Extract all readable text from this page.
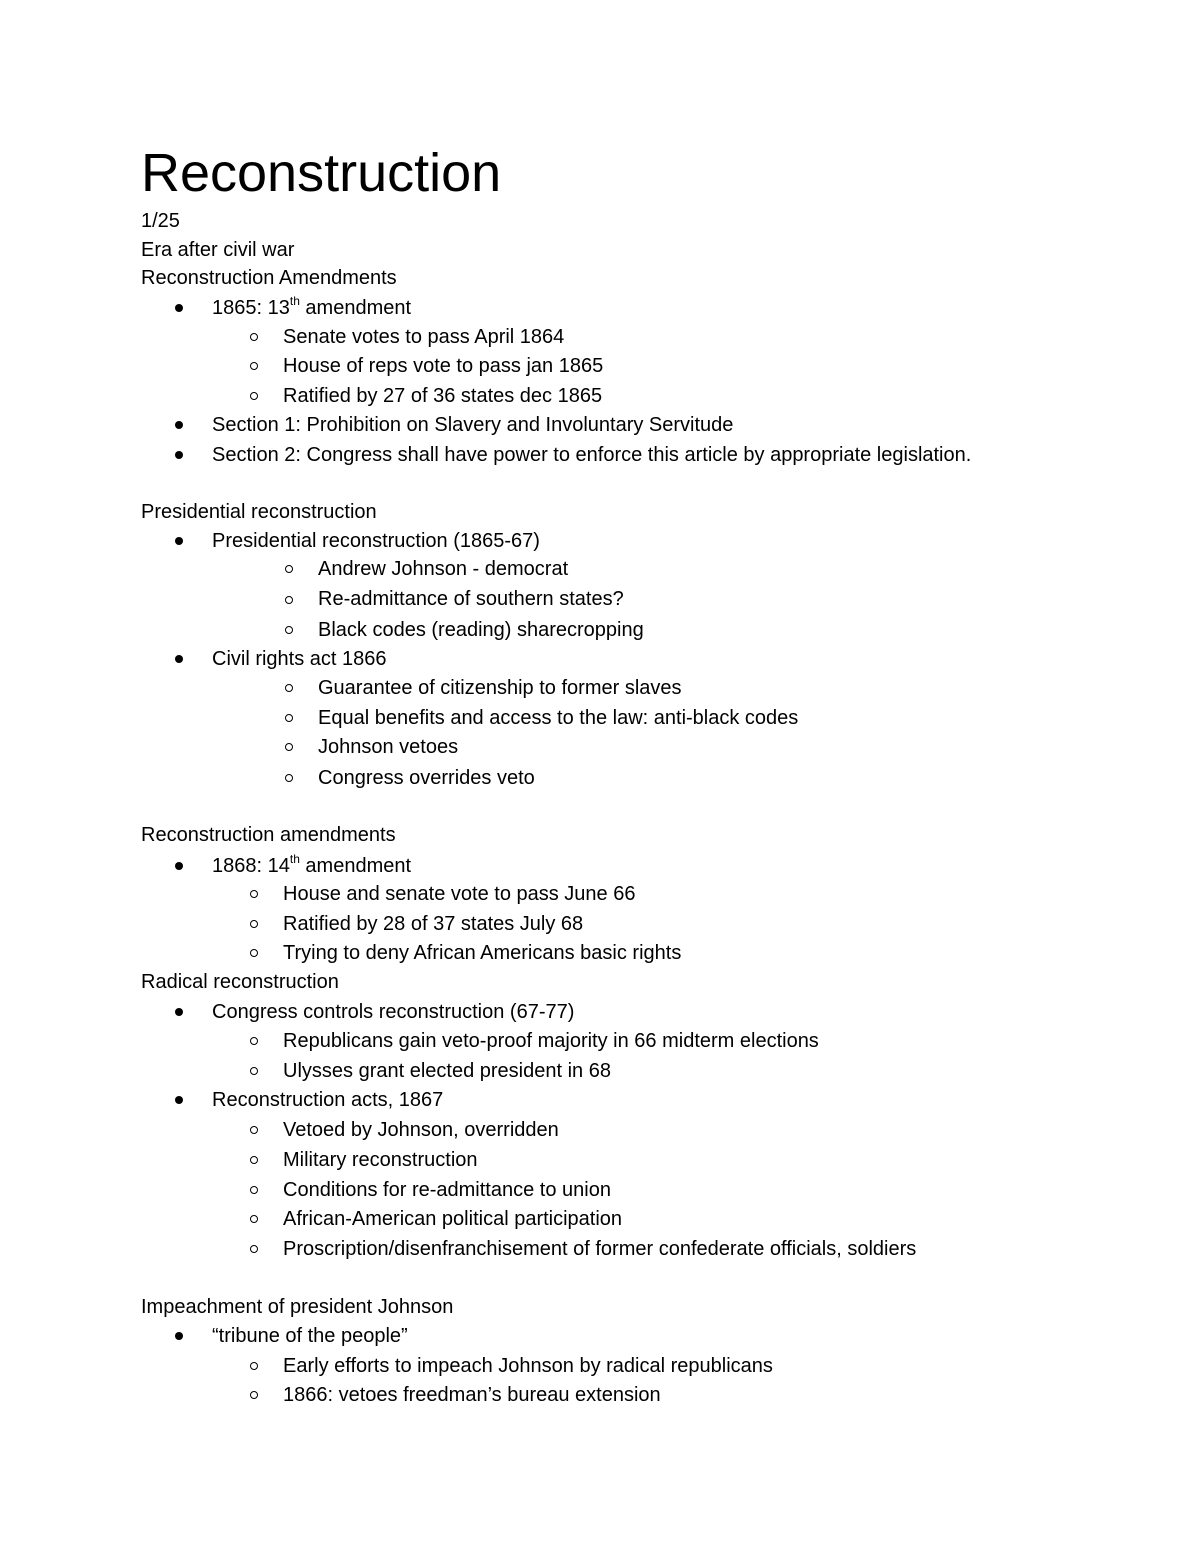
Reconstruction
1/25
Era after civil war
Reconstruction Amendments
1865: 13th amendment
Senate votes to pass April 1864
House of reps vote to pass jan 1865
Ratified by 27 of 36 states dec 1865
Section 1: Prohibition on Slavery and Involuntary Servitude
Section 2: Congress shall have power to enforce this article by appropriate legislation.
Presidential reconstruction
Presidential reconstruction (1865-67)
Andrew Johnson - democrat
Re-admittance of southern states?
Black codes (reading) sharecropping
Civil rights act 1866
Guarantee of citizenship to former slaves
Equal benefits and access to the law: anti-black codes
Johnson vetoes
Congress overrides veto
Reconstruction amendments
1868: 14th amendment
House and senate vote to pass June 66
Ratified by 28 of 37 states July 68
Trying to deny African Americans basic rights
Radical reconstruction
Congress controls reconstruction (67-77)
Republicans gain veto-proof majority in 66 midterm elections
Ulysses grant elected president in 68
Reconstruction acts, 1867
Vetoed by Johnson, overridden
Military reconstruction
Conditions for re-admittance to union
African-American political participation
Proscription/disenfranchisement of former confederate officials, soldiers
Impeachment of president Johnson
“tribune of the people”
Early efforts to impeach Johnson by radical republicans
1866: vetoes freedman’s bureau extension
